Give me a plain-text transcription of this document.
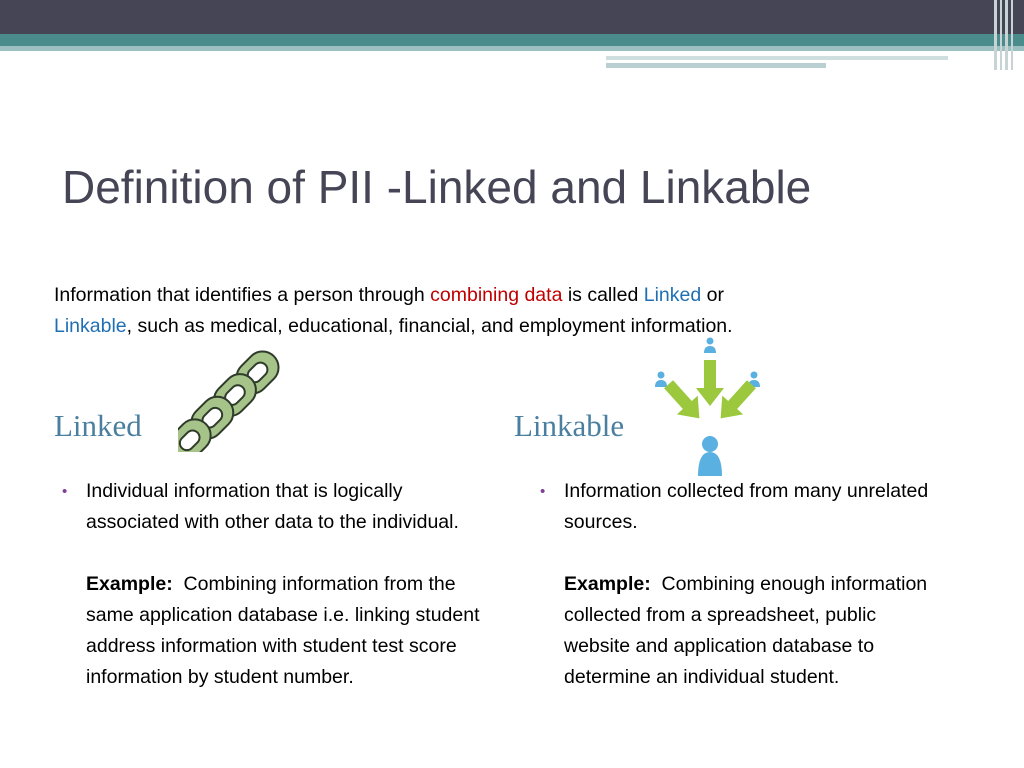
Definition of PII -Linked and Linkable
Information that identifies a person through combining data is called Linked or
Linkable, such as medical, educational, financial, and employment information.
Linked	Linkable
• Individual information that is logically associated with other data to the individual.
Example: Combining information from the same application database i.e. linking student address information with student test score information by student number.
• Information collected from many unrelated sources.
Example: Combining enough information collected from a spreadsheet, public website and application database to determine an individual student.
